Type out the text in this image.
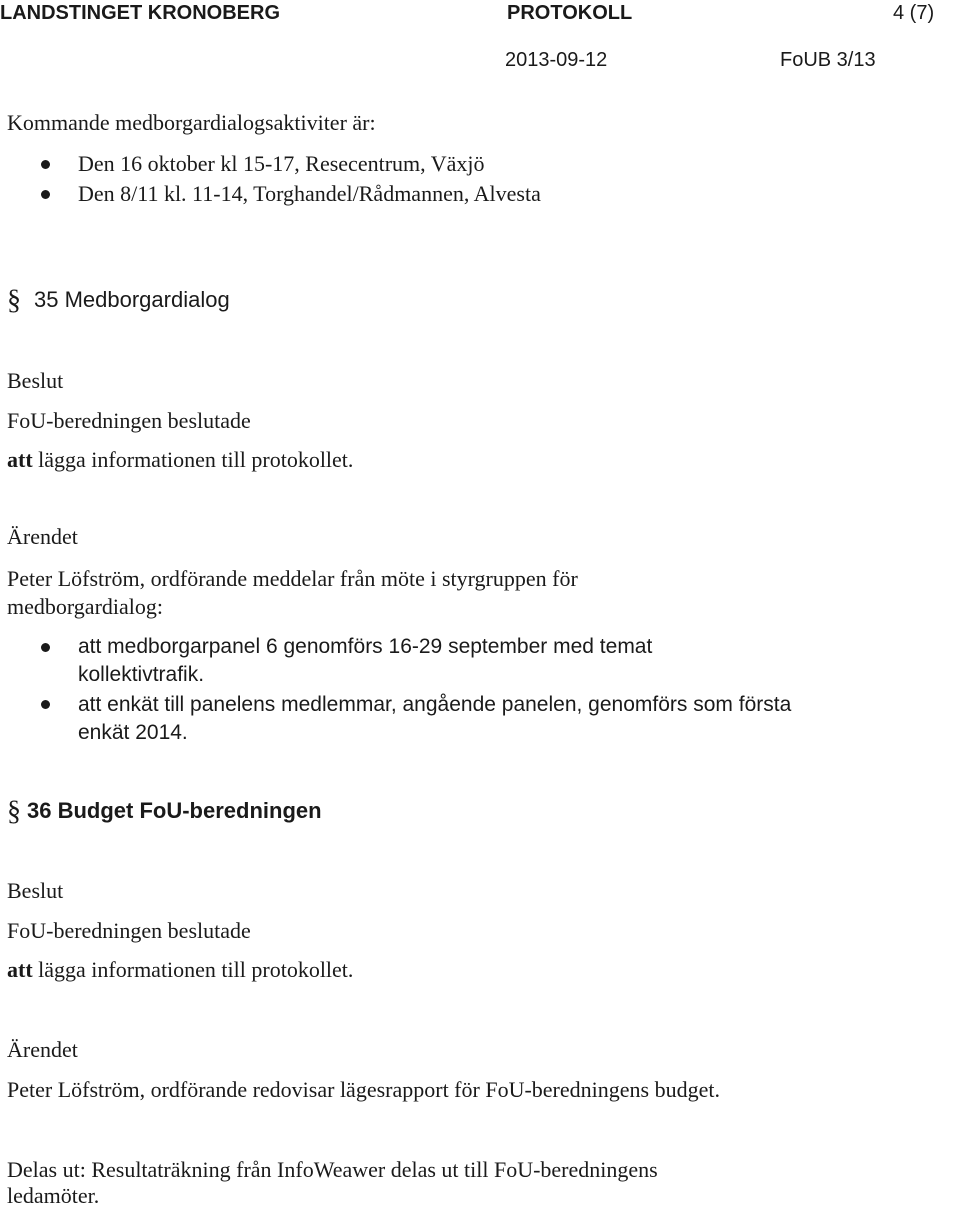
LANDSTINGET KRONOBERG	PROTOKOLL	4 (7)
2013-09-12	FoUB 3/13
Kommande medborgardialogsaktiviter är:
Den 16 oktober kl 15-17, Resecentrum, Växjö
Den 8/11 kl. 11-14, Torghandel/Rådmannen, Alvesta
§ 35 Medborgardialog
Beslut
FoU-beredningen beslutade
att lägga informationen till protokollet.
Ärendet
Peter Löfström, ordförande meddelar från möte i styrgruppen för
medborgardialog:
att medborgarpanel 6 genomförs 16-29 september med temat
kollektivtrafik.
att enkät till panelens medlemmar, angående panelen, genomförs som första
enkät 2014.
§ 36 Budget FoU-beredningen
Beslut
FoU-beredningen beslutade
att lägga informationen till protokollet.
Ärendet
Peter Löfström, ordförande redovisar lägesrapport för FoU-beredningens budget.
Delas ut: Resultaträkning från InfoWeawer delas ut till FoU-beredningens
ledamöter.
